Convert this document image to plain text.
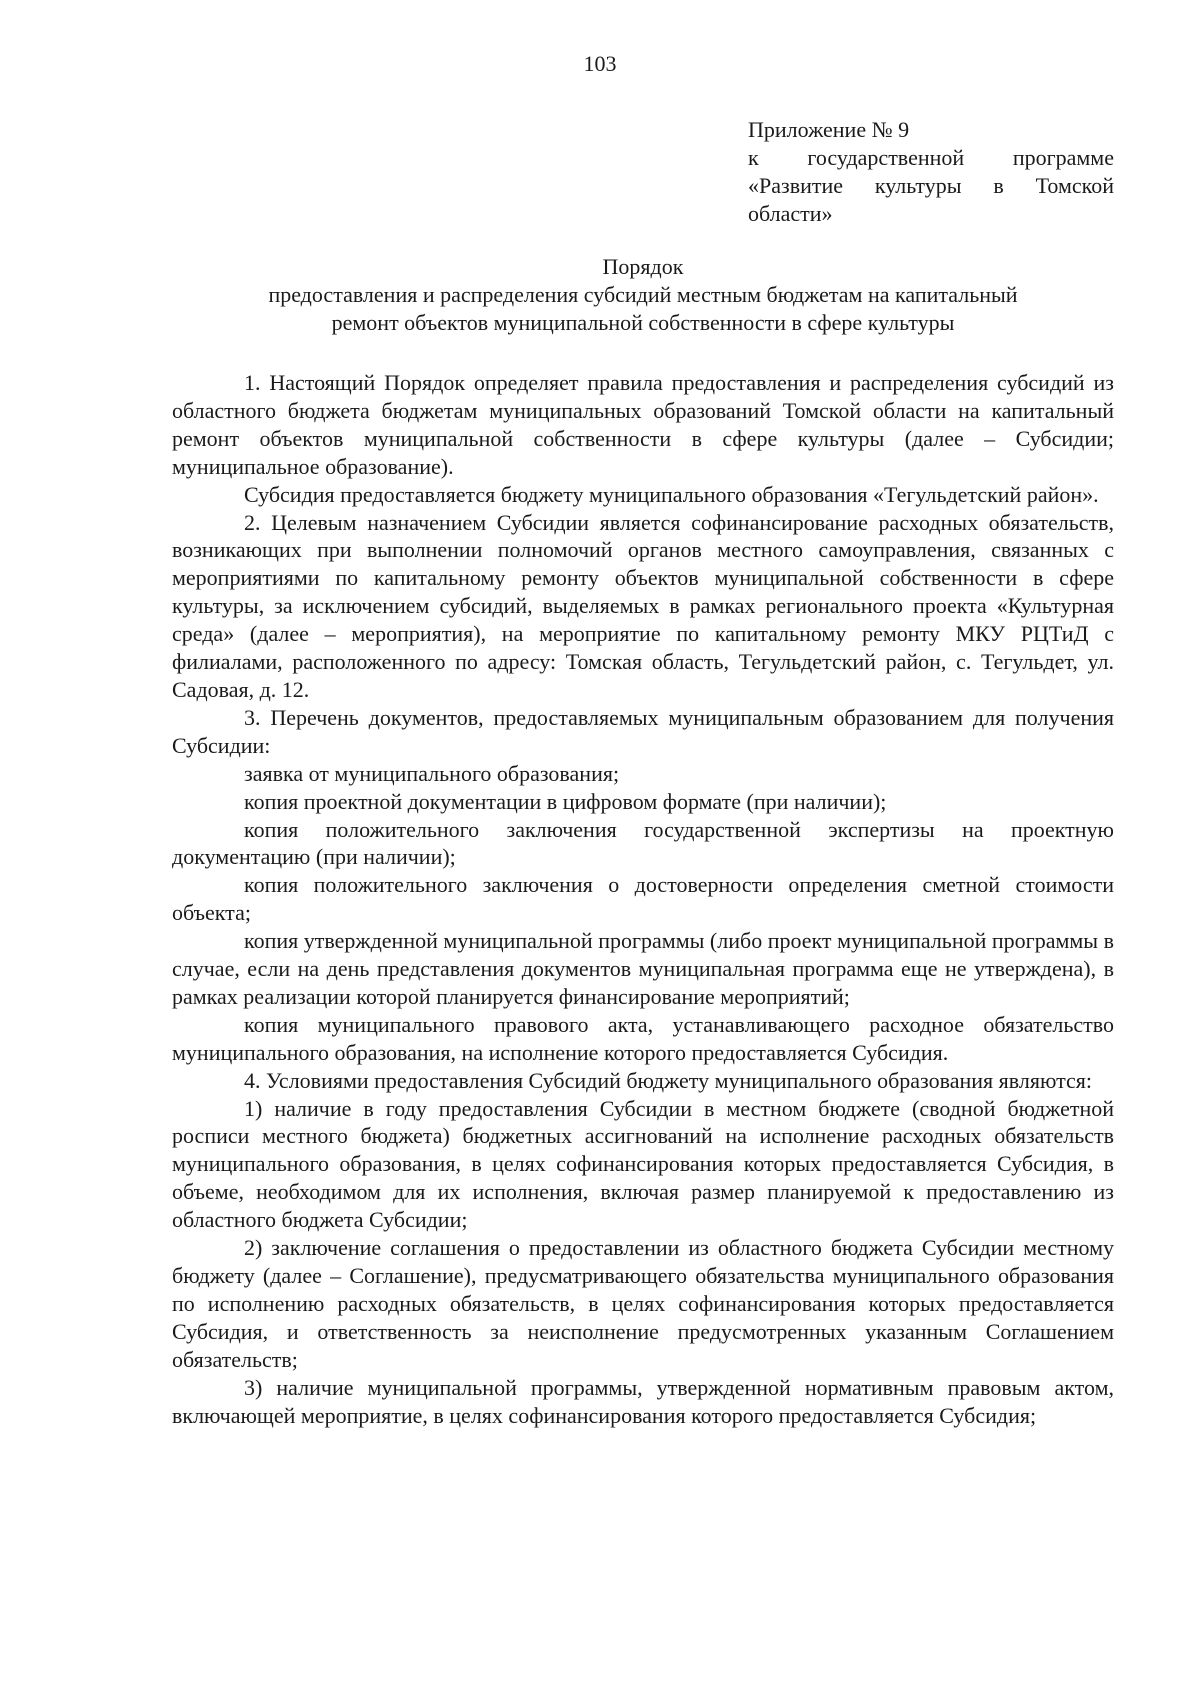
103
Приложение № 9
к государственной программе
«Развитие культуры в Томской
области»
Порядок
предоставления и распределения субсидий местным бюджетам на капитальный
ремонт объектов муниципальной собственности в сфере культуры

1. Настоящий Порядок определяет правила предоставления и распределения субсидий из областного бюджета бюджетам муниципальных образований Томской области на капитальный ремонт объектов муниципальной собственности в сфере культуры (далее – Субсидии; муниципальное образование).

Субсидия предоставляется бюджету муниципального образования «Тегульдетский район».

2. Целевым назначением Субсидии является софинансирование расходных обязательств, возникающих при выполнении полномочий органов местного самоуправления, связанных с мероприятиями по капитальному ремонту объектов муниципальной собственности в сфере культуры, за исключением субсидий, выделяемых в рамках регионального проекта «Культурная среда» (далее – мероприятия), на мероприятие по капитальному ремонту МКУ РЦТиД с филиалами, расположенного по адресу: Томская область, Тегульдетский район, с. Тегульдет, ул. Садовая, д. 12.

3. Перечень документов, предоставляемых муниципальным образованием для получения Субсидии:

заявка от муниципального образования;

копия проектной документации в цифровом формате (при наличии);

копия положительного заключения государственной экспертизы на проектную документацию (при наличии);

копия положительного заключения о достоверности определения сметной стоимости объекта;

копия утвержденной муниципальной программы (либо проект муниципальной программы в случае, если на день представления документов муниципальная программа еще не утверждена), в рамках реализации которой планируется финансирование мероприятий;

копия муниципального правового акта, устанавливающего расходное обязательство муниципального образования, на исполнение которого предоставляется Субсидия.

4. Условиями предоставления Субсидий бюджету муниципального образования являются:

1) наличие в году предоставления Субсидии в местном бюджете (сводной бюджетной росписи местного бюджета) бюджетных ассигнований на исполнение расходных обязательств муниципального образования, в целях софинансирования которых предоставляется Субсидия, в объеме, необходимом для их исполнения, включая размер планируемой к предоставлению из областного бюджета Субсидии;

2) заключение соглашения о предоставлении из областного бюджета Субсидии местному бюджету (далее – Соглашение), предусматривающего обязательства муниципального образования по исполнению расходных обязательств, в целях софинансирования которых предоставляется Субсидия, и ответственность за неисполнение предусмотренных указанным Соглашением обязательств;

3) наличие муниципальной программы, утвержденной нормативным правовым актом, включающей мероприятие, в целях софинансирования которого предоставляется Субсидия;
